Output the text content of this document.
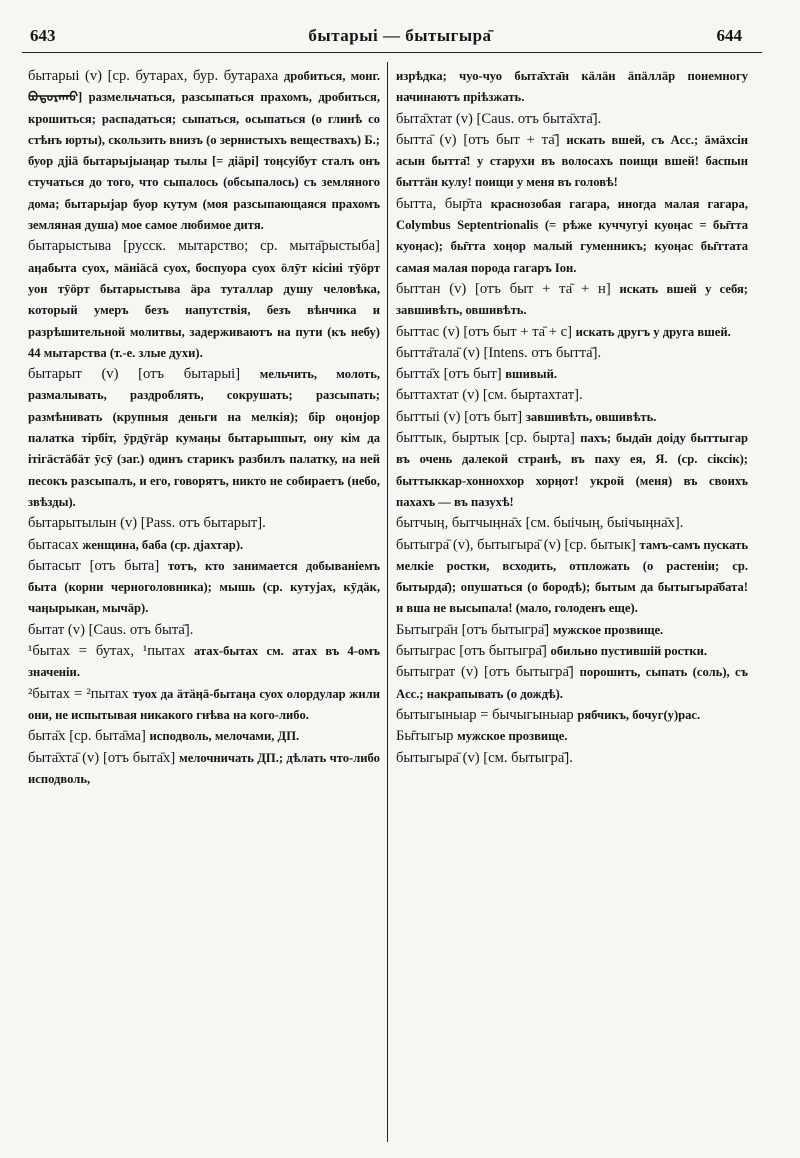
643	бытарыі — бытыгыра̄	644
бытарыі (v) [ср. бутарах, бур. бутараха дробиться, монг. ᠪᠣᠲᠣᠷᠠᠬᠤ] размельчаться, разсыпаться прахомъ, дробиться, крошиться; распадаться; сыпаться, осыпаться (о глинѣ со стѣнъ юрты), скользить внизъ (о зернистыхъ веществахъ) Б.; буор дjiä бытарыjыаӊар тылы [= дiäрi] тоӊсуiбут сталъ онъ стучаться до того, что сыпалось (обсыпалось) съ земляного дома; бытарыjар буор кутум (моя разсыпающаяся прахомъ земляная душа) мое самое любимое дитя.
бытарыстыва [русск. мытарство; ср. мыта̄рыстыба] аӊабыта суох, мäнiäсä суох, боспуора суох öлӯт кiсiнi тӯöрт уон тӯöрт бытарыстыва äра туталлар душу человѣка, который умеръ безъ напутствія, безъ вѣнчика и разрѣшительной молитвы, задерживаютъ на пути (къ небу) 44 мытарства (т.-е. злые духи).
бытарыт (v) [отъ бытарыі] мельчить, молоть, размалывать, раздроблять, сокрушать; разсыпать; размѣнивать (крупныя деньги на мелкія); бiр оӊонjор палатка тiрбiт, ӯрдӯгäр кумаӊы бытарыппыт, ону кiм да iтiгäстäбäт ӯсӯ (заг.) одинъ старикъ разбилъ палатку, на ней песокъ разсыпалъ, и его, говорятъ, никто не собираетъ (небо, звѣзды).
бытарытылын (v) [Pass. отъ бытарыт].
бытасах женщина, баба (ср. дjахтар).
бытасыт [отъ быта] тотъ, кто занимается добываніемъ быта (корни черноголовника); мышь (ср. кутуjах, кӯдäк, чаӊырыкан, мычäр).
бытат (v) [Caus. отъ быта̄].
¹бытах = бутах, ¹пытах атах-бытах см. атах въ 4-омъ значеніи.
²бытах = ²пытах туох да äтäӊä-бытаӊа суох олордулар жили они, не испытывая никакого гнѣва на кого-либо.
быта̄х [ср. быта̄ма] исподволь, мелочами, ДП.
быта̄хта̄ (v) [отъ быта̄х] мелочничать ДП.; дѣлать что-либо исподволь,
изрѣдка; чуо-чуо быта̄хта̄н кäлäн äпäллäр понемногу начинаютъ прiѣзжать.
быта̄хтат (v) [Caus. отъ быта̄хта̄].
бытта̄ (v) [отъ быт + та̄] искать вшей, съ Acc.; äмäхсiн асын бытта̄! у старухи въ волосахъ поищи вшей! баспын быттäн кулу! поищи у меня въ головѣ!
бытта, быр̄та краснозобая гагара, иногда малая гагара, Colymbus Septentrionalis (= рѣже куччугуi куоӊас = бы̄тта куоӊас); бы̄тта хоӊор малый гуменникъ; куоӊас бы̄ттата самая малая порода гагаръ Іон.
быттан (v) [отъ быт + та̄ + н] искать вшей у себя; завшивѣть, овшивѣть.
быттас (v) [отъ быт + та̄ + с] искать другъ у друга вшей.
бытта̄тала̄ (v) [Intens. отъ бытта̄].
бытта̄х [отъ быт] вшивый.
быттахтат (v) [см. быртахтат].
быттыі (v) [отъ быт] завшивѣть, овшивѣть.
быттык, быртык [ср. бырта] пахъ; быда̄н доiду быттыгар въ очень далекой странѣ, въ паху ея, Я. (ср. сiксiк); быттыккар-хонноххор хорӊот! укрой (меня) въ своихъ пахахъ — въ пазухѣ!
бытчыӊ, бытчыӊна̄х [см. быiчыӊ, быiчыӊна̄х].
бытыгра̄ (v), бытыгыра̄ (v) [ср. бытык] тамъ-самъ пускать мелкіе ростки, всходить, отпложать (о растеніи; ср. бытырда̄); опушаться (о бородѣ); бытым да бытыгыра̄бата! и вша не высыпала! (мало, голоденъ еще).
Бытыгра̄н [отъ бытыгра̄] мужское прозвище.
бытыграс [отъ бытыгра̄] обильно пустившій ростки.
бытыграт (v) [отъ бытыгра̄] порошить, сыпать (соль), съ Acc.; накрапывать (о дождѣ).
бытыгыныар = бычыгыныар рябчикъ, бочуг(у)рас.
Бы̄тыгыр мужское прозвище.
бытыгыра̄ (v) [см. бытыгра̄].
